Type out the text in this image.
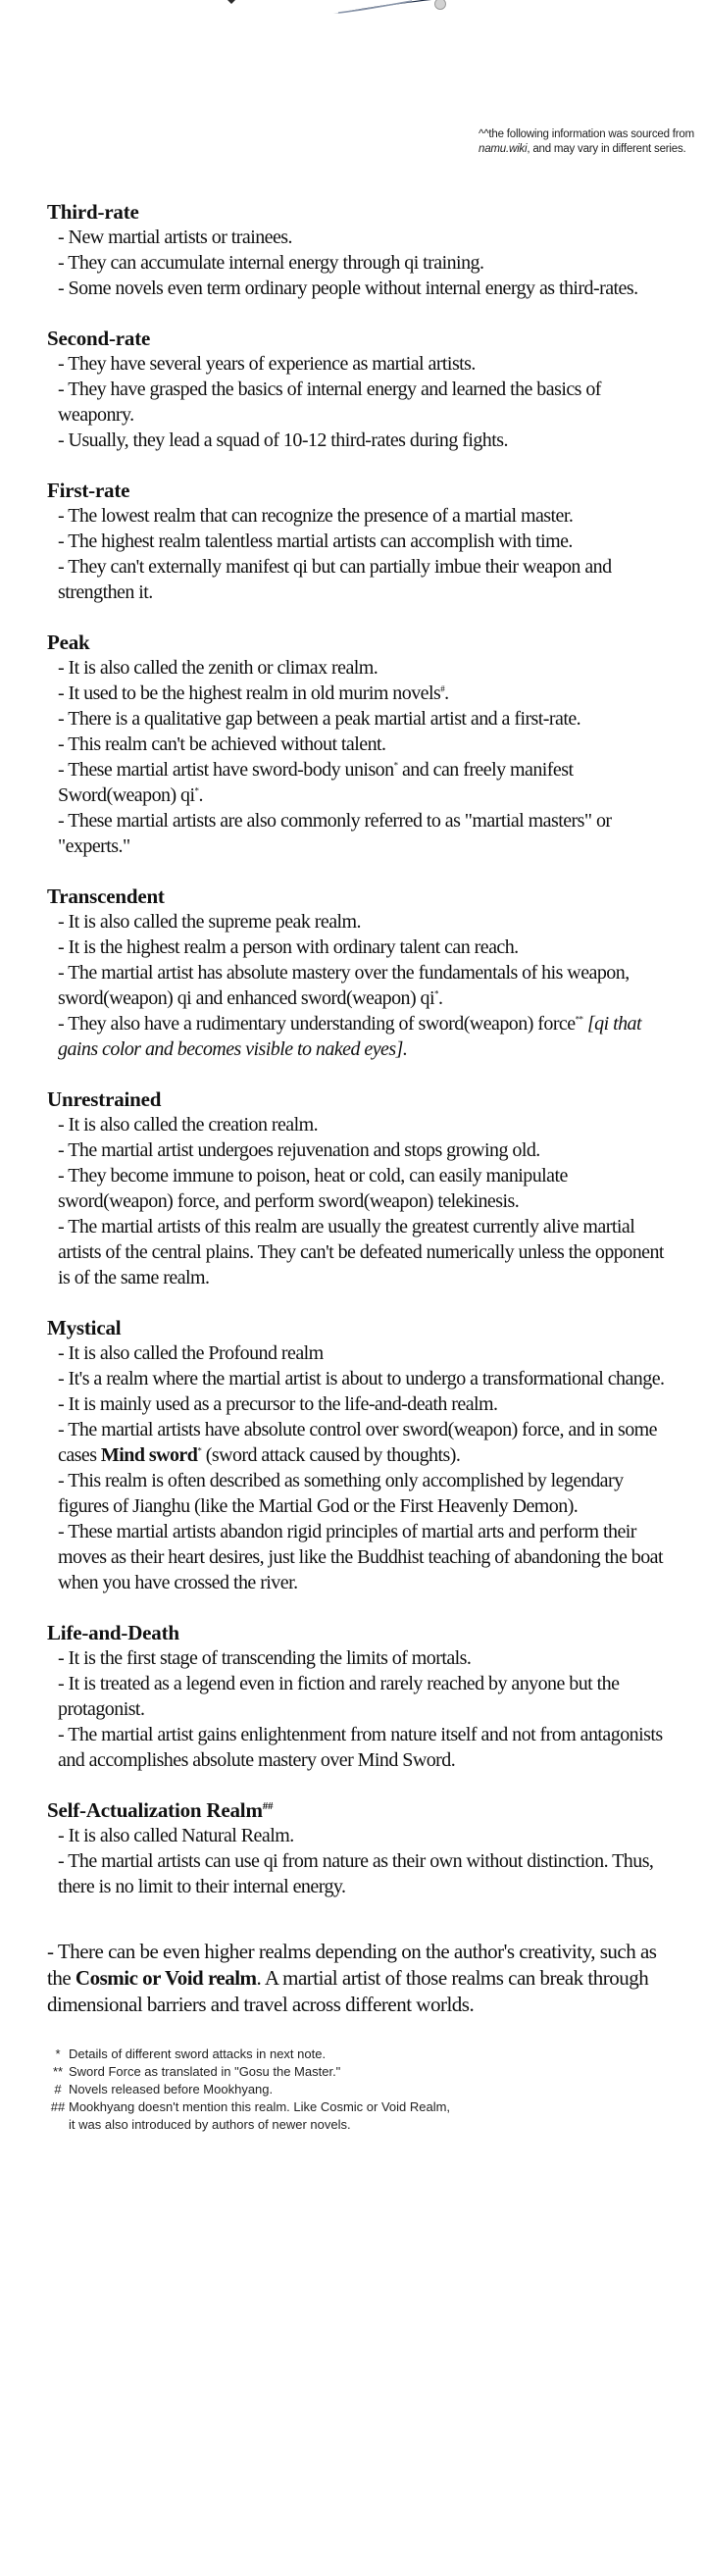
^^the following information was sourced from
namu.wiki, and may vary in different series.
Third-rate
- New martial artists or trainees.
- They can accumulate internal energy through qi training.
- Some novels even term ordinary people without internal energy as third-rates.
Second-rate
- They have several years of experience as martial artists.
- They have grasped the basics of internal energy and learned the basics of weaponry.
- Usually, they lead a squad of 10-12 third-rates during fights.
First-rate
- The lowest realm that can recognize the presence of a martial master.
- The highest realm talentless martial artists can accomplish with time.
- They can't externally manifest qi but can partially imbue their weapon and strengthen it.
Peak
- It is also called the zenith or climax realm.
- It used to be the highest realm in old murim novels#.
- There is a qualitative gap between a peak martial artist and a first-rate.
- This realm can't be achieved without talent.
- These martial artist have sword-body unison* and can freely manifest Sword(weapon) qi*.
- These martial artists are also commonly referred to as "martial masters" or "experts."
Transcendent
- It is also called the supreme peak realm.
- It is the highest realm a person with ordinary talent can reach.
- The martial artist has absolute mastery over the fundamentals of his weapon, sword(weapon) qi and enhanced sword(weapon) qi*.
- They also have a rudimentary understanding of sword(weapon) force** [qi that gains color and becomes visible to naked eyes].
Unrestrained
- It is also called the creation realm.
- The martial artist undergoes rejuvenation and stops growing old.
- They become immune to poison, heat or cold, can easily manipulate sword(weapon) force, and perform sword(weapon) telekinesis.
- The martial artists of this realm are usually the greatest currently alive martial artists of the central plains. They can't be defeated numerically unless the opponent is of the same realm.
Mystical
- It is also called the Profound realm
- It's a realm where the martial artist is about to undergo a transformational change.
- It is mainly used as a precursor to the life-and-death realm.
- The martial artists have absolute control over sword(weapon) force, and in some cases Mind sword* (sword attack caused by thoughts).
- This realm is often described as something only accomplished by legendary figures of Jianghu (like the Martial God or the First Heavenly Demon).
- These martial artists abandon rigid principles of martial arts and perform their moves as their heart desires, just like the Buddhist teaching of abandoning the boat when you have crossed the river.
Life-and-Death
- It is the first stage of transcending the limits of mortals.
- It is treated as a legend even in fiction and rarely reached by anyone but the protagonist.
- The martial artist gains enlightenment from nature itself and not from antagonists and accomplishes absolute mastery over Mind Sword.
Self-Actualization Realm##
- It is also called Natural Realm.
- The martial artists can use qi from nature as their own without distinction. Thus, there is no limit to their internal energy.
- There can be even higher realms depending on the author's creativity, such as the Cosmic or Void realm. A martial artist of those realms can break through dimensional barriers and travel across different worlds.
* Details of different sword attacks in next note.
** Sword Force as translated in "Gosu the Master."
# Novels released before Mookhyang.
## Mookhyang doesn't mention this realm. Like Cosmic or Void Realm,
it was also introduced by authors of newer novels.
